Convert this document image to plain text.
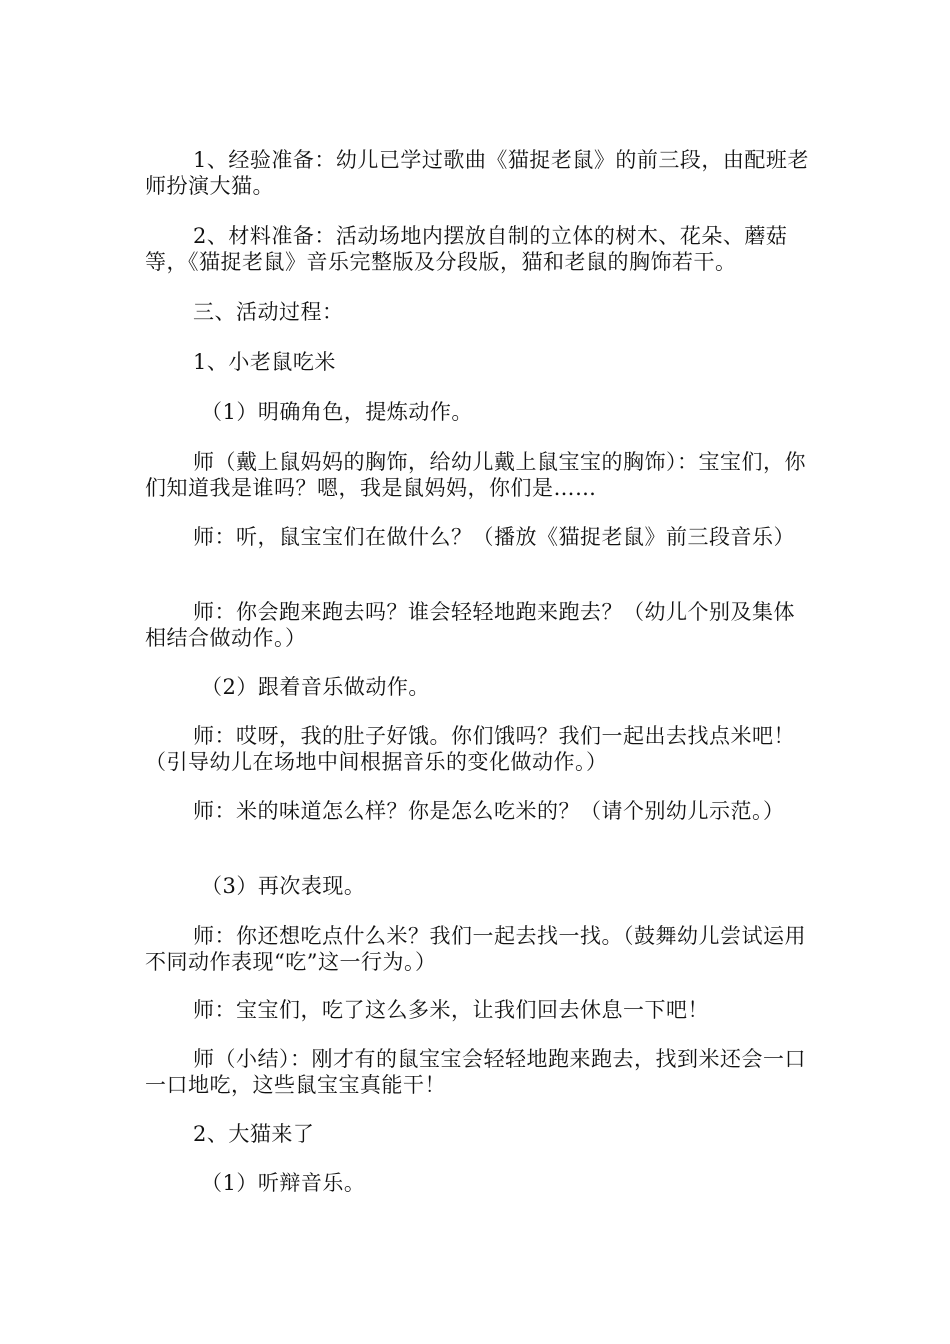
1、经验准备：幼儿已学过歌曲《猫捉老鼠》的前三段，由配班老师扮演大猫。

2、材料准备：活动场地内摆放自制的立体的树木、花朵、蘑菇等，《猫捉老鼠》音乐完整版及分段版，猫和老鼠的胸饰若干。

三、活动过程：

1、小老鼠吃米

（1）明确角色，提炼动作。

师（戴上鼠妈妈的胸饰，给幼儿戴上鼠宝宝的胸饰）：宝宝们，你们知道我是谁吗？嗯，我是鼠妈妈，你们是……

师：听，鼠宝宝们在做什么？（播放《猫捉老鼠》前三段音乐）

师：你会跑来跑去吗？谁会轻轻地跑来跑去？（幼儿个别及集体相结合做动作。）

（2）跟着音乐做动作。

师：哎呀，我的肚子好饿。你们饿吗？我们一起出去找点米吧！（引导幼儿在场地中间根据音乐的变化做动作。）

师：米的味道怎么样？你是怎么吃米的？（请个别幼儿示范。）

（3）再次表现。

师：你还想吃点什么米？我们一起去找一找。（鼓舞幼儿尝试运用不同动作表现“吃”这一行为。）

师：宝宝们，吃了这么多米，让我们回去休息一下吧！

师（小结）：刚才有的鼠宝宝会轻轻地跑来跑去，找到米还会一口一口地吃，这些鼠宝宝真能干！

2、大猫来了

（1）听辩音乐。
